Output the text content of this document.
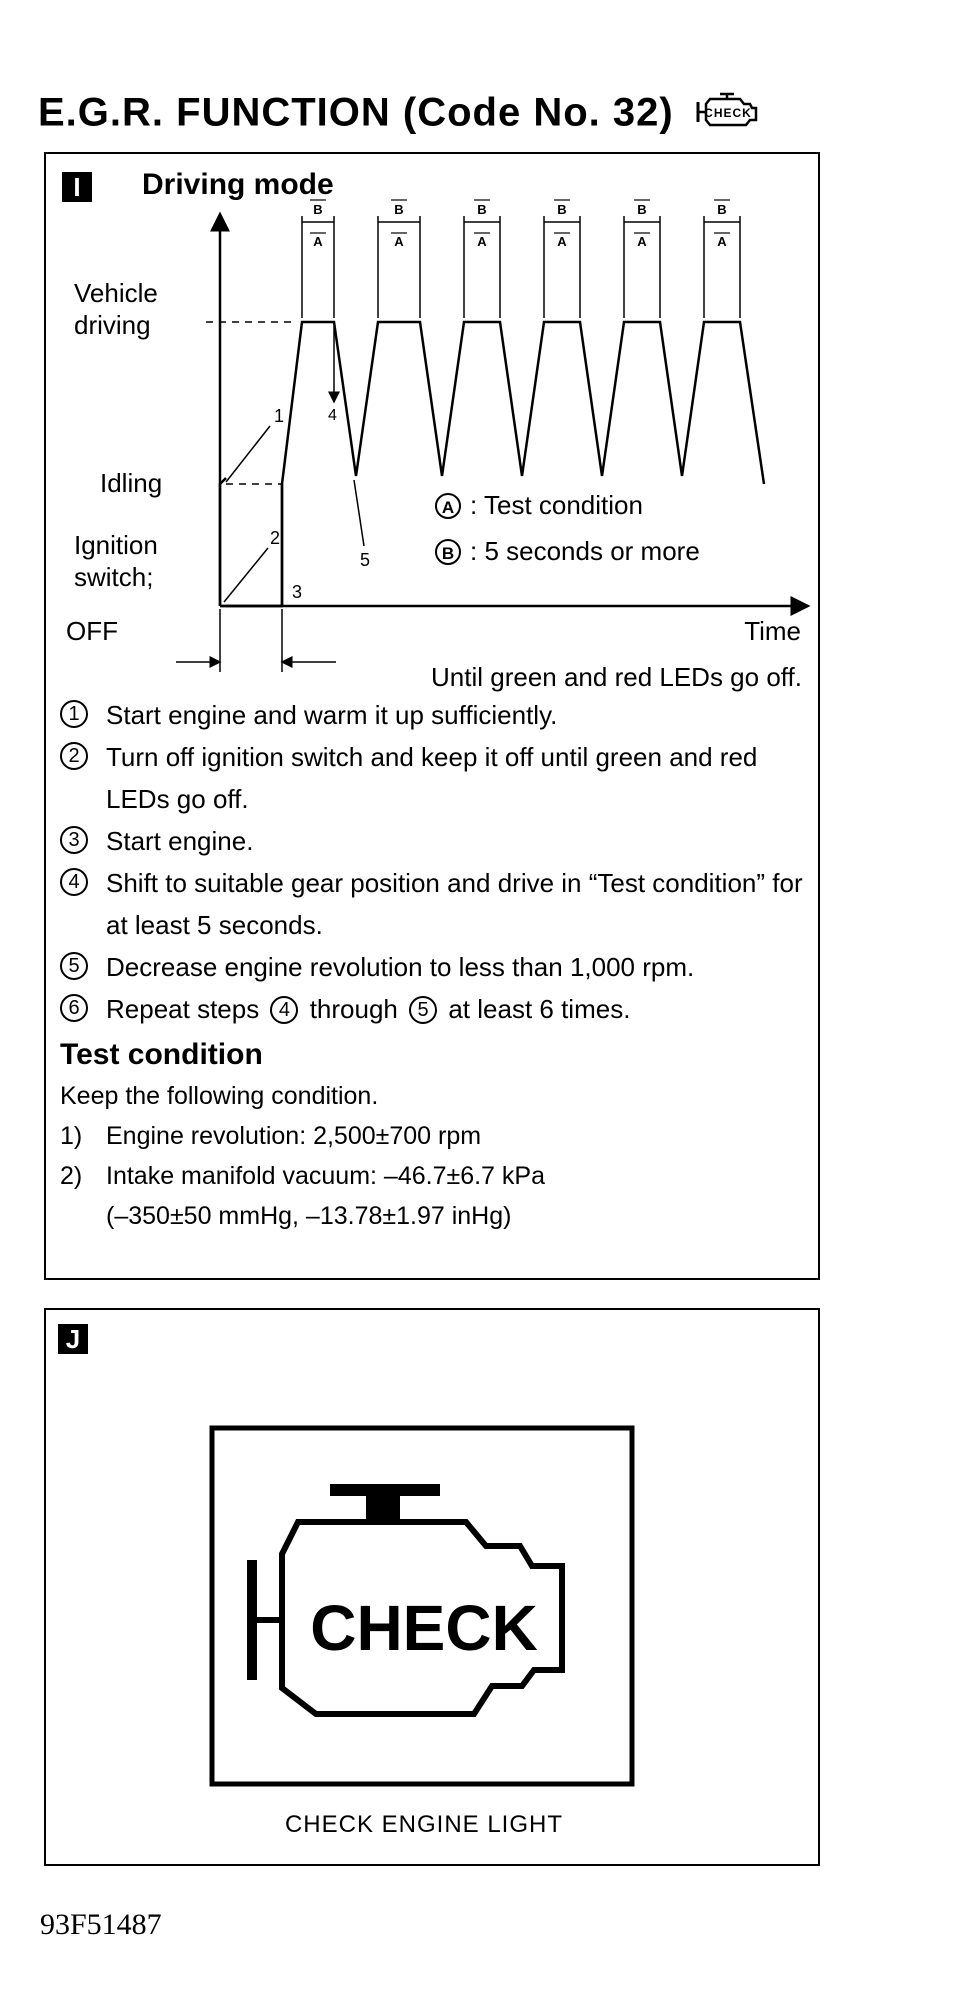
E.G.R. FUNCTION (Code No. 32)	CHECK
I	Driving mode
Vehicle
driving
Idling
Ignition
switch;
OFF	Time
B
A
B
A
B
A
B
A
B
A
B
A
1
2
3
4
5
A : Test condition
B : 5 seconds or more
Until green and red LEDs go off.
1	Start engine and warm it up sufficiently.
2	Turn off ignition switch and keep it off until green and red LEDs go off.
3	Start engine.
4	Shift to suitable gear position and drive in “Test condition” for at least 5 seconds.
5	Decrease engine revolution to less than 1,000 rpm.
6	Repeat steps 4 through 5 at least 6 times.
Test condition
Keep the following condition.
1) Engine revolution: 2,500±700 rpm
2) Intake manifold vacuum: –46.7±6.7 kPa
(–350±50 mmHg, –13.78±1.97 inHg)
J
CHECK
CHECK ENGINE LIGHT
93F51487
